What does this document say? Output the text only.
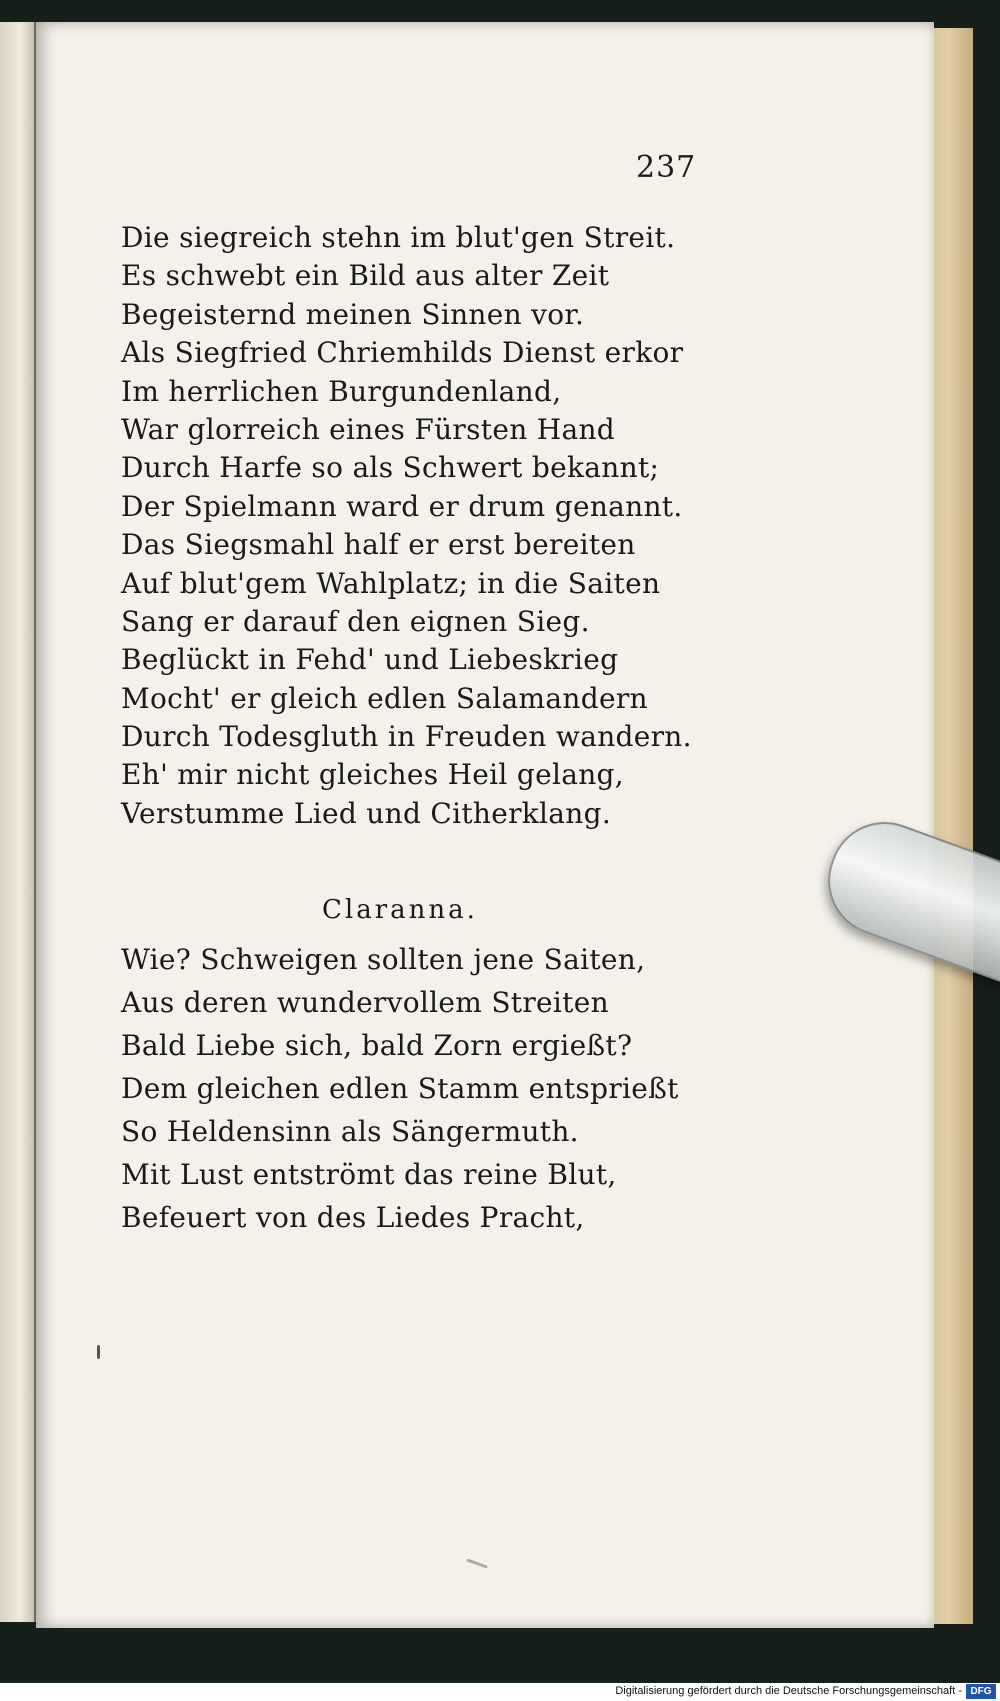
237
Die siegreich stehn im blut'gen Streit.
Es schwebt ein Bild aus alter Zeit
Begeisternd meinen Sinnen vor.
Als Siegfried Chriemhilds Dienst erkor
Im herrlichen Burgundenland,
War glorreich eines Fürsten Hand
Durch Harfe so als Schwert bekannt;
Der Spielmann ward er drum genannt.
Das Siegsmahl half er erst bereiten
Auf blut'gem Wahlplatz; in die Saiten
Sang er darauf den eignen Sieg.
Beglückt in Fehd' und Liebeskrieg
Mocht' er gleich edlen Salamandern
Durch Todesgluth in Freuden wandern.
Eh' mir nicht gleiches Heil gelang,
Verstumme Lied und Citherklang.
Claranna.
Wie? Schweigen sollten jene Saiten,
Aus deren wundervollem Streiten
Bald Liebe sich, bald Zorn ergießt?
Dem gleichen edlen Stamm entsprießt
So Heldensinn als Sängermuth.
Mit Lust entströmt das reine Blut,
Befeuert von des Liedes Pracht,
Digitalisierung gefördert durch die Deutsche Forschungsgemeinschaft - DFG
